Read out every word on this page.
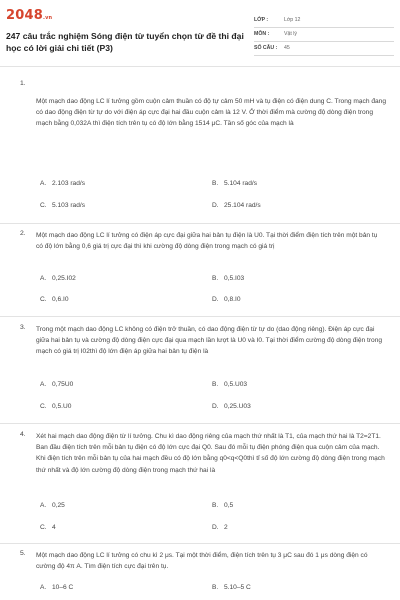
2048.vn
247 câu trắc nghiệm Sóng điện từ tuyển chọn từ đề thi đại học có lời giải chi tiết (P3)
LỚP :	Lớp 12
MÔN :	Vật lý
SỐ CÂU : 45
1.
Một mạch dao động LC lí tưởng gồm cuộn cảm thuần có độ tự cảm 50 mH và tụ điện có điện dung C. Trong mạch đang có dao động điện từ tự do với điện áp cực đại hai đầu cuộn cảm là 12 V. Ở thời điểm mà cường độ dòng điện trong mạch bằng 0,032A thì điện tích trên tụ có độ lớn bằng 1514 μC. Tần số góc của mạch là
A. 2.103 rad/s	B. 5.104 rad/s
C. 5.103 rad/s	D. 25.104 rad/s
2. Một mạch dao động LC lí tưởng có điện áp cực đại giữa hai bản tụ điện là U0. Tại thời điểm điện tích trên một bản tụ có độ lớn bằng 0,6 giá trị cực đại thì khi cường độ dòng điện trong mạch có giá trị
A. 0,25.I02	B. 0,5.I03
C. 0,6.I0	D. 0,8.I0
3. Trong một mạch dao động LC không có điện trở thuần, có dao động điện từ tự do (dao động riêng). Điện áp cực đại giữa hai bản tụ và cường độ dòng điện cực đại qua mạch lần lượt là U0 và I0. Tại thời điểm cường độ dòng điện trong mạch có giá trị I02thì độ lớn điện áp giữa hai bản tụ điện là
A. 0,75U0	B. 0,5.U03
C. 0,5.U0	D. 0,25.U03
4. Xét hai mạch dao động điện từ lí tưởng. Chu kì dao động riêng của mạch thứ nhất là T1, của mạch thứ hai là T2=2T1. Ban đầu điện tích trên mỗi bản tụ điện có độ lớn cực đại Q0. Sau đó mỗi tụ điện phóng điện qua cuộn cảm của mạch. Khi điện tích trên mỗi bản tụ của hai mạch đều có độ lớn bằng q0<q<Q0thì tỉ số độ lớn cường độ dòng điện trong mạch thứ nhất và độ lớn cường độ dòng điện trong mạch thứ hai là
A. 0,25	B. 0,5
C. 4	D. 2
5. Một mạch dao động LC lí tưởng có chu kì 2 μs. Tại một thời điểm, điện tích trên tụ 3 μC sau đó 1 μs dòng điện có cường độ 4π A. Tìm điện tích cực đại trên tụ.
A. 10–6 C	B. 5.10–5 C
